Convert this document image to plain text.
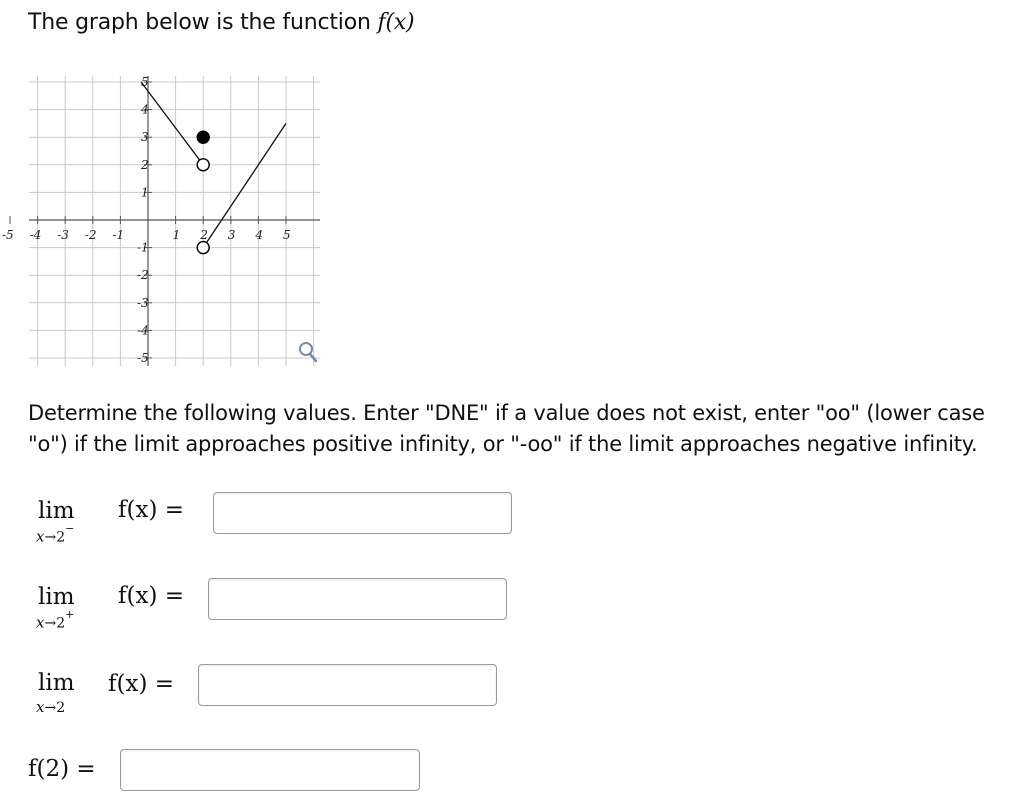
The graph below is the function f(x)
-5 -4 -3 -2 -1	1 2 3 4 5
5
4
3
2
1
-1
-2
-3
-4
-5
Determine the following values. Enter "DNE" if a value does not exist, enter "oo" (lower case "o") if the limit approaches positive infinity, or "-oo" if the limit approaches negative infinity.
lim
x→2−
f(x) =
lim
x→2+
f(x) =
lim
x→2
f(x) =
f(2) =
